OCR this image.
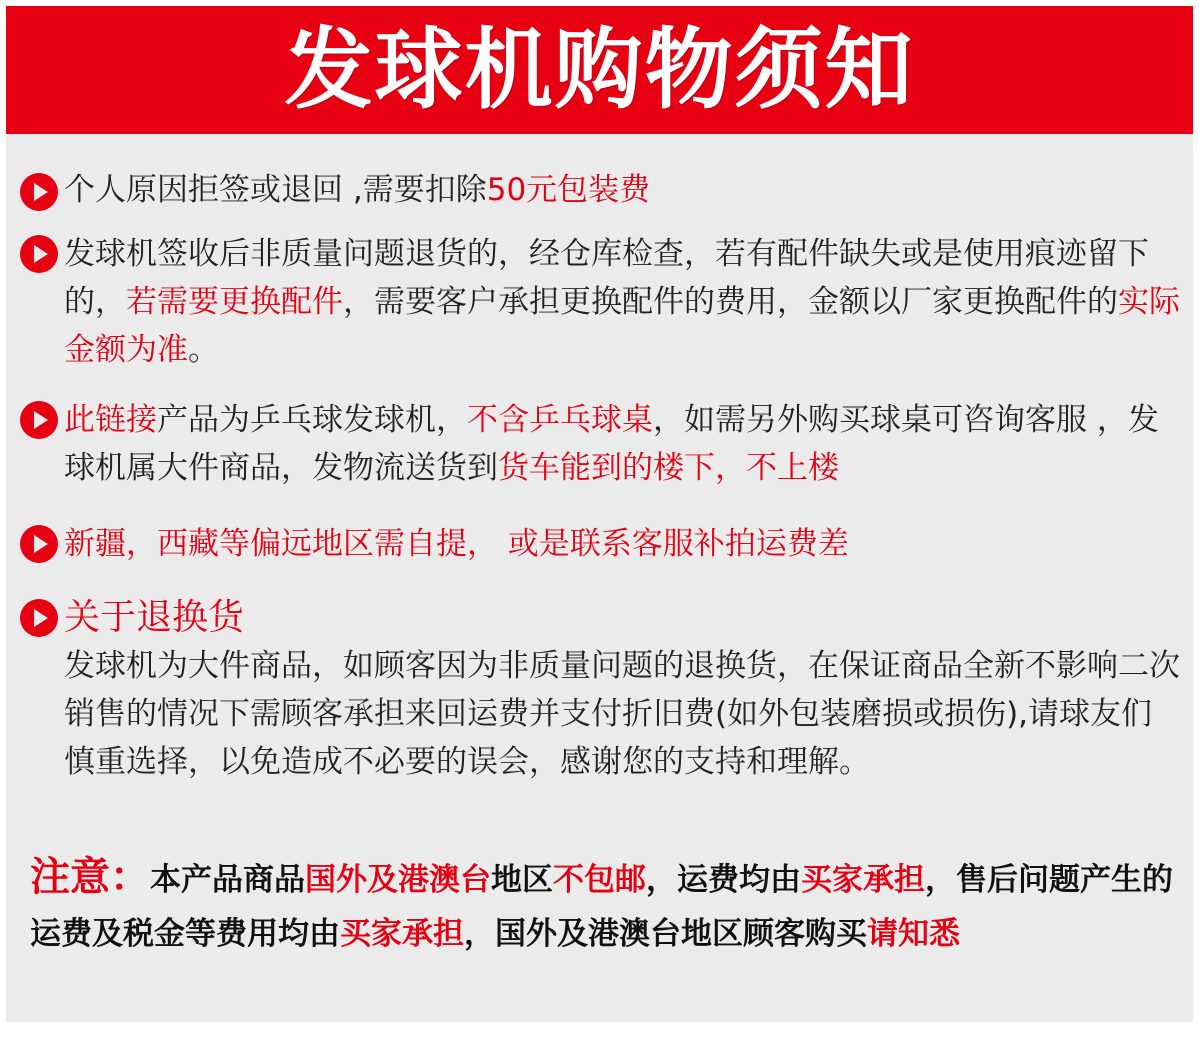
发球机购物须知
个人原因拒签或退回 ,需要扣除50元包装费
发球机签收后非质量问题退货的，经仓库检查，若有配件缺失或是使用痕迹留下的，若需要更换配件，需要客户承担更换配件的费用，金额以厂家更换配件的实际金额为准。
此链接产品为乒乓球发球机，不含乒乓球桌，如需另外购买球桌可咨询客服 ，发球机属大件商品，发物流送货到货车能到的楼下，不上楼
新疆，西藏等偏远地区需自提， 或是联系客服补拍运费差
关于退换货
发球机为大件商品，如顾客因为非质量问题的退换货，在保证商品全新不影响二次销售的情况下需顾客承担来回运费并支付折旧费(如外包装磨损或损伤),请球友们慎重选择，以免造成不必要的误会，感谢您的支持和理解。
注意：本产品商品国外及港澳台地区不包邮，运费均由买家承担，售后问题产生的运费及税金等费用均由买家承担，国外及港澳台地区顾客购买请知悉
